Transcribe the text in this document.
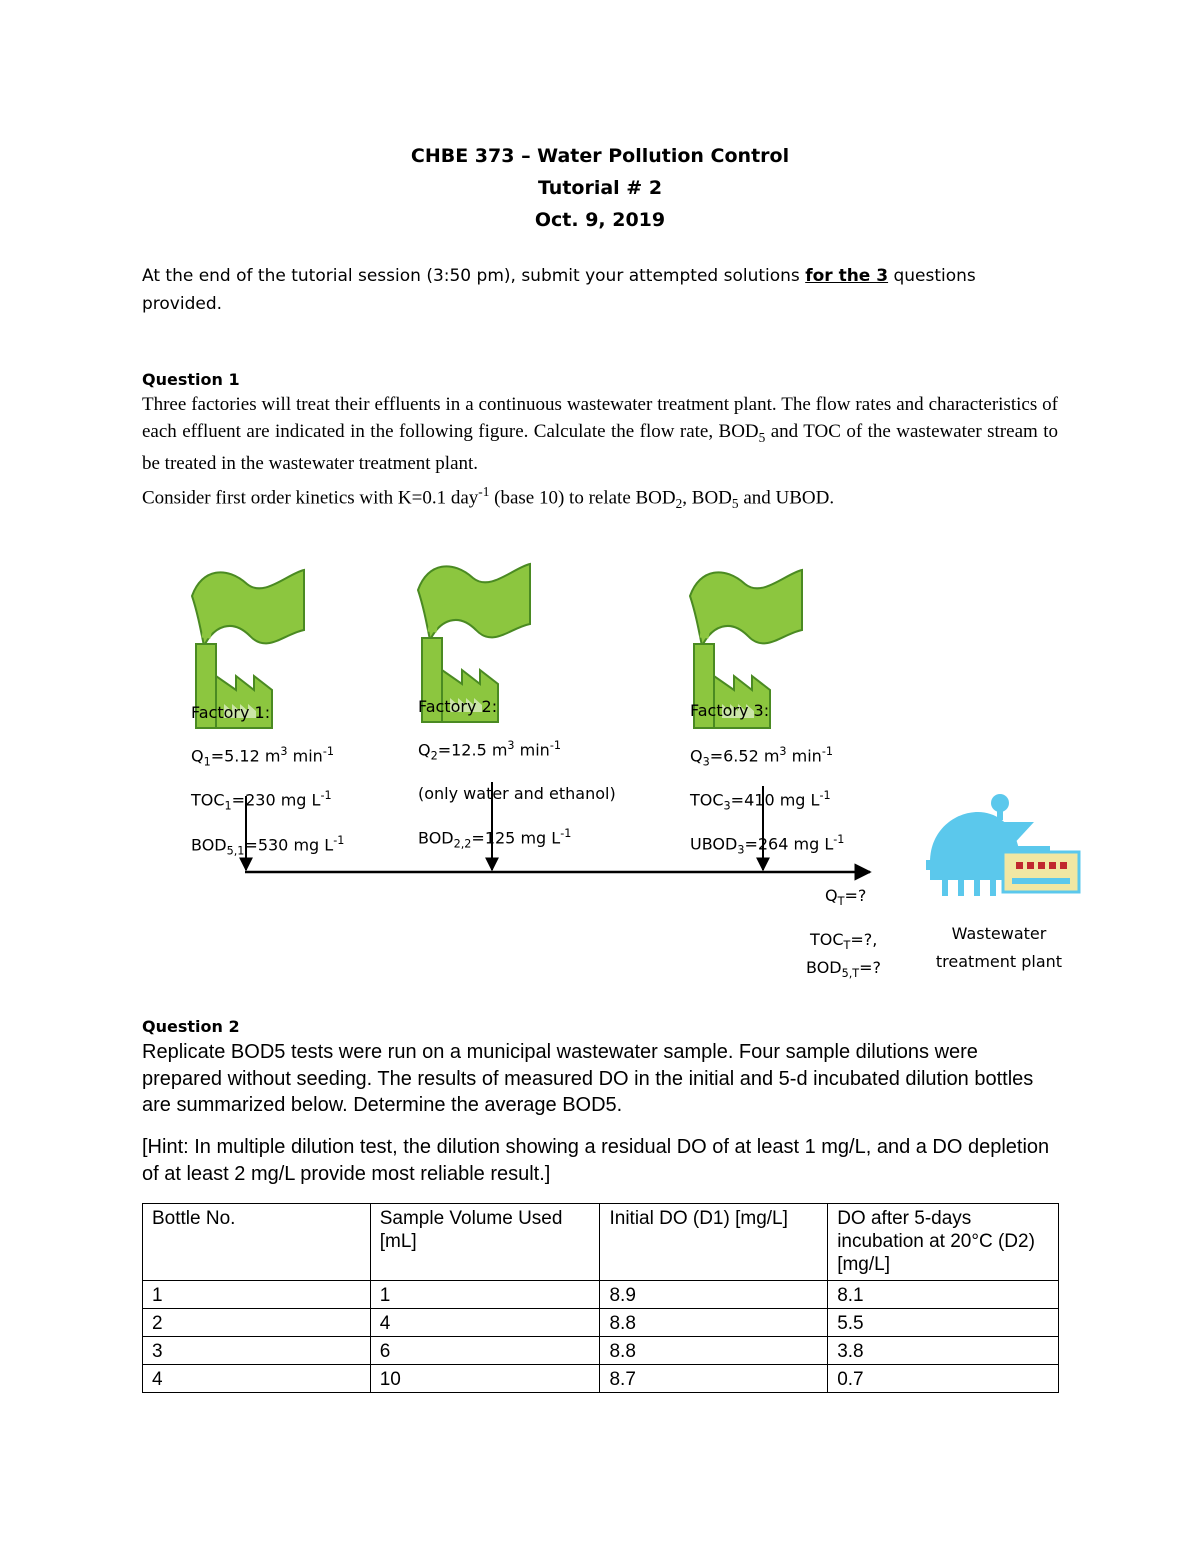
CHBE 373 – Water Pollution Control
Tutorial # 2
Oct. 9, 2019
At the end of the tutorial session (3:50 pm), submit your attempted solutions for the 3 questions provided.
Question 1
Three factories will treat their effluents in a continuous wastewater treatment plant. The flow rates and characteristics of each effluent are indicated in the following figure. Calculate the flow rate, $BOD_5$ and TOC of the wastewater stream to be treated in the wastewater treatment plant.
Consider first order kinetics with K=0.1 day$^{-1}$ (base 10) to relate $BOD_2$, $BOD_5$ and UBOD.
Factory 1:
$Q_1=5.12$ $m^3$ $\min^{-1}$
$TOC_1=230$ mg $L^{-1}$
$BOD_{5,1}=530$ mg $L^{-1}$
Factory 2:
$Q_2=12.5$ $m^3$ $\min^{-1}$
(only water and ethanol)
$BOD_{2,2}=125$ mg $L^{-1}$
Factory 3:
$Q_3=6.52$ $m^3$ $\min^{-1}$
$TOC_3=410$ mg $L^{-1}$
$UBOD_3=264$ mg $L^{-1}$
$Q_T=$?
$TOC_T=$?,
$BOD_{5,T}=$?
Wastewater
treatment plant
Question 2
Replicate BOD5 tests were run on a municipal wastewater sample. Four sample dilutions were prepared without seeding. The results of measured DO in the initial and 5-d incubated dilution bottles are summarized below. Determine the average BOD5.
[Hint: In multiple dilution test, the dilution showing a residual DO of at least 1 mg/L, and a DO depletion of at least 2 mg/L provide most reliable result.]
Bottle No.	Sample Volume Used [mL]	Initial DO (D1) [mg/L]	DO after 5-days incubation at 20°C (D2) [mg/L]
1	1	8.9	8.1
2	4	8.8	5.5
3	6	8.8	3.8
4	10	8.7	0.7
